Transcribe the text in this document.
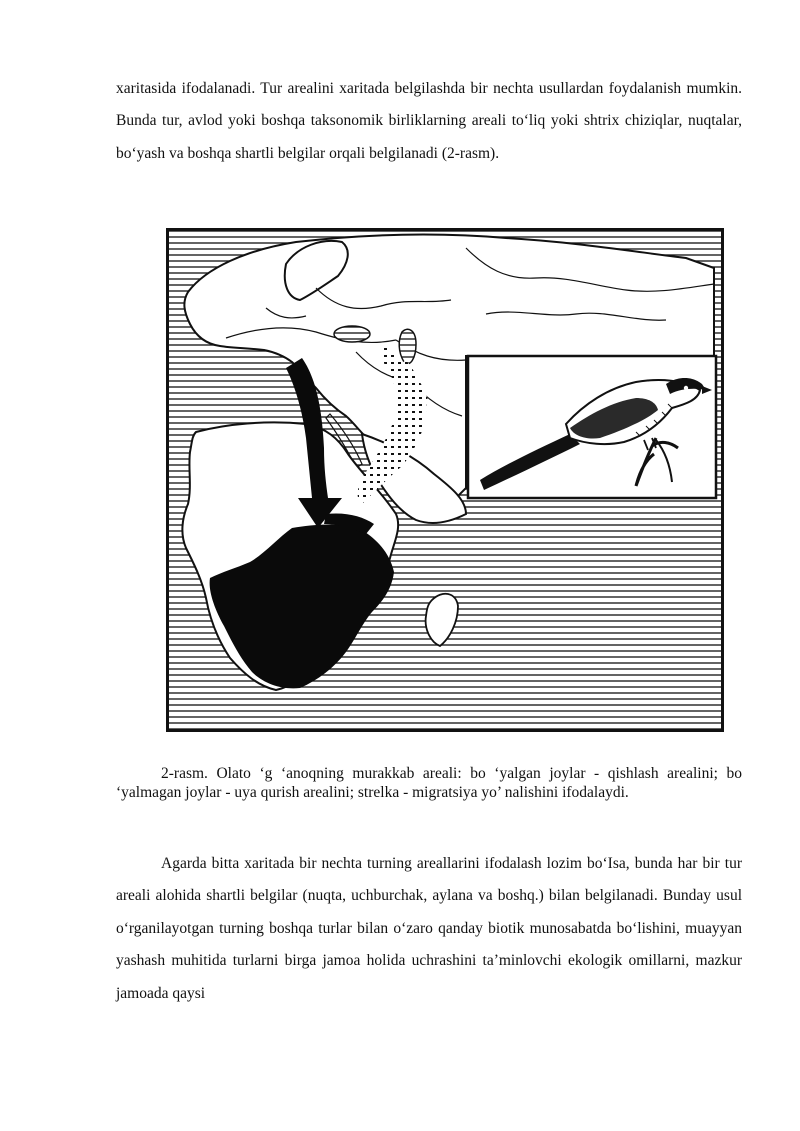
xaritasida ifodalanadi. Tur arealini xaritada belgilashda bir nechta usullardan foydalanish mumkin. Bunda tur, avlod yoki boshqa taksonomik birliklarning areali to‘liq yoki shtrix chiziqlar, nuqtalar, bo‘yash va boshqa shartli belgilar orqali belgilanadi (2-rasm).

2-rasm. Olato ‘g ‘anoqning murakkab areali: bo ‘yalgan joylar - qishlash arealini; bo ‘yalmagan joylar - uya qurish arealini; strelka - migratsiya yo’ nalishini ifodalaydi.

Agarda bitta xaritada bir nechta turning areallarini ifodalash lozim bo‘Isa, bunda har bir tur areali alohida shartli belgilar (nuqta, uchburchak, aylana va boshq.) bilan belgilanadi. Bunday usul o‘rganilayotgan turning boshqa turlar bilan o‘zaro qanday biotik munosabatda bo‘lishini, muayyan yashash muhitida turlarni birga jamoa holida uchrashini ta’minlovchi ekologik omillarni, mazkur jamoada qaysi
